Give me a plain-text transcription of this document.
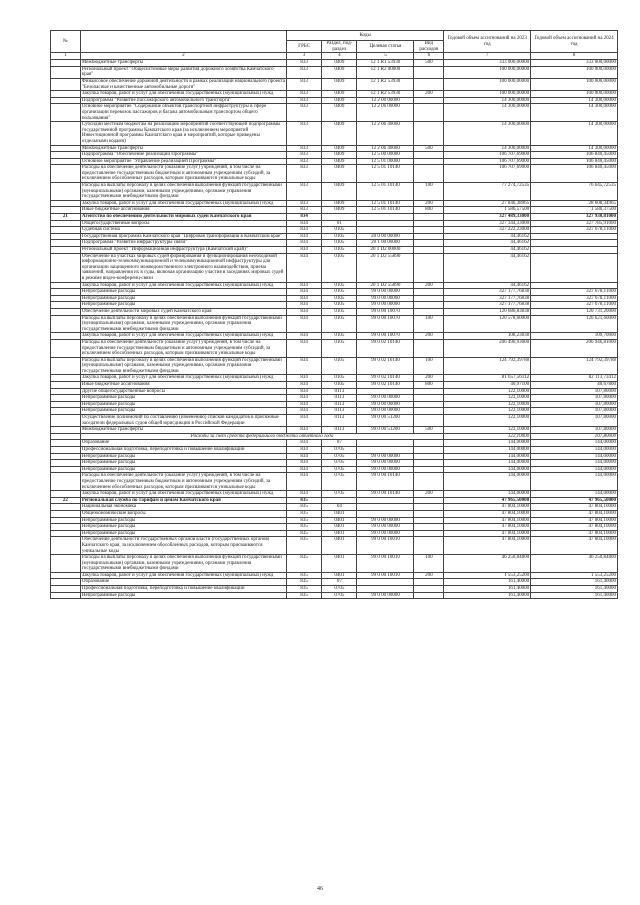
№		Коды				Годовой объем ассигнований на 2023 год	Годовой объем ассигнований на 2024 год
		ГРБС	Раздел, под-раздел	Целевая статья	Вид расходов		
1	2	3	4	5	6	7	8
	Межбюджетные трансферты	833	0409	12 1 R1 53930	500	333 000,00000	333 000,00000
	Региональный проект "Общесистемные меры развития дорожного хозяйства Камчатского края"	833	0409	12 1 R2 00000		100 000,00000	100 000,00000
	Финансовое обеспечение дорожной деятельности в рамках реализации национального проекта "Безопасные и качественные автомобильные дороги"	833	0409	12 1 R2 53930		100 000,00000	100 000,00000
	Закупка товаров, работ и услуг для обеспечения государственных (муниципальных) нужд	833	0409	12 1 R2 53930	200	100 000,00000	100 000,00000
	Подпрограмма "Развитие пассажирского автомобильного транспорта"	833	0409	12 2 00 00000		14 300,00000	14 300,00000
	Основное мероприятие "Содержание объектов транспортной инфраструктуры в сфере организации перевозок пассажиров и багажа автомобильным транспортом общего пользования"	833	0409	12 2 06 00000		14 300,00000	14 300,00000
	Субсидии местным бюджетам на реализацию мероприятий соответствующей подпрограммы государственной программы Камчатского края (за исключением мероприятий Инвестиционной программы Камчатского края и мероприятий, которые приведены отдельными кодами)	833	0409	12 2 06 40060		14 300,00000	14 300,00000
	Межбюджетные трансферты	833	0409	12 2 06 40060	500	14 300,00000	14 300,00000
	Подпрограмма "Обеспечение реализации Программы"	833	0409	12 5 00 00000		106 707,69000	106 840,45000
	Основное мероприятие "Управление реализацией Программы"	833	0409	12 5 01 00000		106 707,69000	106 840,45000
	Расходы на обеспечение деятельности (оказание услуг) учреждений, в том числе на предоставление государственным бюджетным и автономным учреждениям субсидий, за исключением обособленных расходов, которым присваиваются уникальные коды	833	0409	12 5 01 10140		106 707,69000	106 840,45000
	Расходы на выплаты персоналу в целях обеспечения выполнения функций государственными (муниципальными) органами, казенными учреждениями, органами управления государственными внебюджетными фондами	833	0409	12 5 01 10140	100	77 274,72535	76 645,72535
	Закупка товаров, работ и услуг для обеспечения государственных (муниципальных) нужд	833	0409	12 5 01 10140	200	27 846,38965	28 608,34965
	Иные бюджетные ассигнования	833	0409	12 5 01 10140	800	1 586,57500	1 586,37500
21	Агентство по обеспечению деятельности мировых судей Камчатского края	834				327 489,33000	327 930,81000
	Общегосударственные вопросы	834	01			327 344,33000	327 785,91000
	Судебная система	834	0105			327 222,23000	327 678,11000
	Государственная программа Камчатского края "Цифровая трансформация в Камчатском крае"	834	0105	20 0 00 00000		44,46162	
	Подпрограмма "Развитие инфраструктуры связи"	834	0105	20 1 00 00000		44,46162	
	Региональный проект "Информационная инфраструктура (Камчатский край)"	834	0105	20 1 D2 00000		44,46162	
	Обеспечение на участках мировых судей формирования и функционирования необходимой информационно-телекоммуникационной и телекоммуникационной инфраструктуры для организации защищенного межведомственного электронного взаимодействия, приема заявлений, направления их в суды, включая организацию участия в заседаниях мировых судей в режиме видео-конференц-связи	834	0105	20 1 D2 55890		44,46162	
	Закупка товаров, работ и услуг для обеспечения государственных (муниципальных) нужд	834	0105	20 1 D2 55890	200	44,46162	
	Непрограммные расходы	834	0105	99 0 00 00000		327 177,76838	327 678,11000
	Непрограммные расходы	834	0105	99 0 00 00000		327 177,76838	327 678,11000
	Непрограммные расходы	834	0105	99 0 00 00000		327 177,76838	327 678,11000
	Обеспечение деятельности мировых судей Камчатского края	834	0105	99 0 00 10070		120 686,83838	120 731,20000
	Расходы на выплаты персоналу в целях обеспечения выполнения функций государственными (муниципальными) органами, казенными учреждениями, органами управления государственными внебюджетными фондами	834	0105	99 0 00 10070	100	120 578,60000	120 621,60000
	Закупка товаров, работ и услуг для обеспечения государственных (муниципальных) нужд	834	0105	99 0 00 10070	200	108,23838	109,70000
	Расходы на обеспечение деятельности (оказание услуг) учреждений, в том числе на предоставление государственным бюджетным и автономным учреждениям субсидий, за исключением обособленных расходов, которым присваиваются уникальные коды	834	0105	99 0 02 10140		206 490,93000	206 946,81000
	Расходы на выплаты персоналу в целях обеспечения выполнения функций государственными (муниципальными) органами, казенными учреждениями, органами управления государственными внебюджетными фондами	834	0105	99 0 02 10140	100	124 792,39788	124 792,39788
	Закупка товаров, работ и услуг для обеспечения государственных (муниципальных) нужд	834	0105	99 0 02 10140	200	81 657,56112	82 113,73412
	Иные бюджетные ассигнования	834	0105	99 0 02 10140	800	40,97100	40,67800
	Другие общегосударственные вопросы	834	0113			122,10000	107,80000
	Непрограммные расходы	834	0113	99 0 00 00000		122,10000	107,80000
	Непрограммные расходы	834	0113	99 0 00 00000		122,10000	107,80000
	Непрограммные расходы	834	0113	99 0 00 00000		122,10000	107,80000
	Осуществление полномочий по составлению (изменению) списков кандидатов в присяжные заседатели федеральных судов общей юрисдикции в Российской Федерации	834	0113	99 0 00 51200		122,10000	107,80000
	Межбюджетные трансферты	834	0113	99 0 00 51200	500	122,10000	107,80000
	Расходы за счет средств федерального бюджета отчетного года					122,10000	107,80000
	Образование	834	07			144,00000	144,00000
	Профессиональная подготовка, переподготовка и повышение квалификации	834	0705			144,00000	144,00000
	Непрограммные расходы	834	0705	99 0 00 00000		144,00000	144,00000
	Непрограммные расходы	834	0705	99 0 00 00000		144,00000	144,00000
	Непрограммные расходы	834	0705	99 0 00 00000		144,00000	144,00000
	Расходы на обеспечение деятельности (оказание услуг) учреждений, в том числе на предоставление государственным бюджетным и автономным учреждениям субсидий, за исключением обособленных расходов, которым присваиваются уникальные коды	834	0705	99 0 00 10140		144,00000	144,00000
	Закупка товаров, работ и услуг для обеспечения государственных (муниципальных) нужд	834	0705	99 0 00 10140	200	144,00000	144,00000
22	Региональная служба по тарифам и ценам Камчатского края	835				47 965,50000	47 965,50000
	Национальная экономика	835	04			47 804,10000	47 804,10000
	Общеэкономические вопросы	835	0401			47 804,10000	47 804,10000
	Непрограммные расходы	835	0401	99 0 00 00000		47 804,10000	47 804,10000
	Непрограммные расходы	835	0401	99 0 00 00000		47 804,10000	47 804,10000
	Непрограммные расходы	835	0401	99 0 00 00000		47 804,10000	47 804,10000
	Обеспечение деятельности государственных органов власти (государственных органов) Камчатского края, за исключением обособленных расходов, которым присваиваются уникальные коды	835	0401	99 0 00 10010		47 804,10000	47 804,10000
	Расходы на выплаты персоналу в целях обеспечения выполнения функций государственными (муниципальными) органами, казенными учреждениями, органами управления государственными внебюджетными фондами	835	0401	99 0 00 10010	100	46 250,84800	46 250,84800
	Закупка товаров, работ и услуг для обеспечения государственных (муниципальных) нужд	835	0401	99 0 00 10010	200	1 553,25200	1 553,25200
	Образование	835	07			161,40000	161,40000
	Профессиональная подготовка, переподготовка и повышение квалификации	835	0705			161,40000	161,40000
	Непрограммные расходы	835	0705	99 0 00 00000		161,40000	161,40000
46
